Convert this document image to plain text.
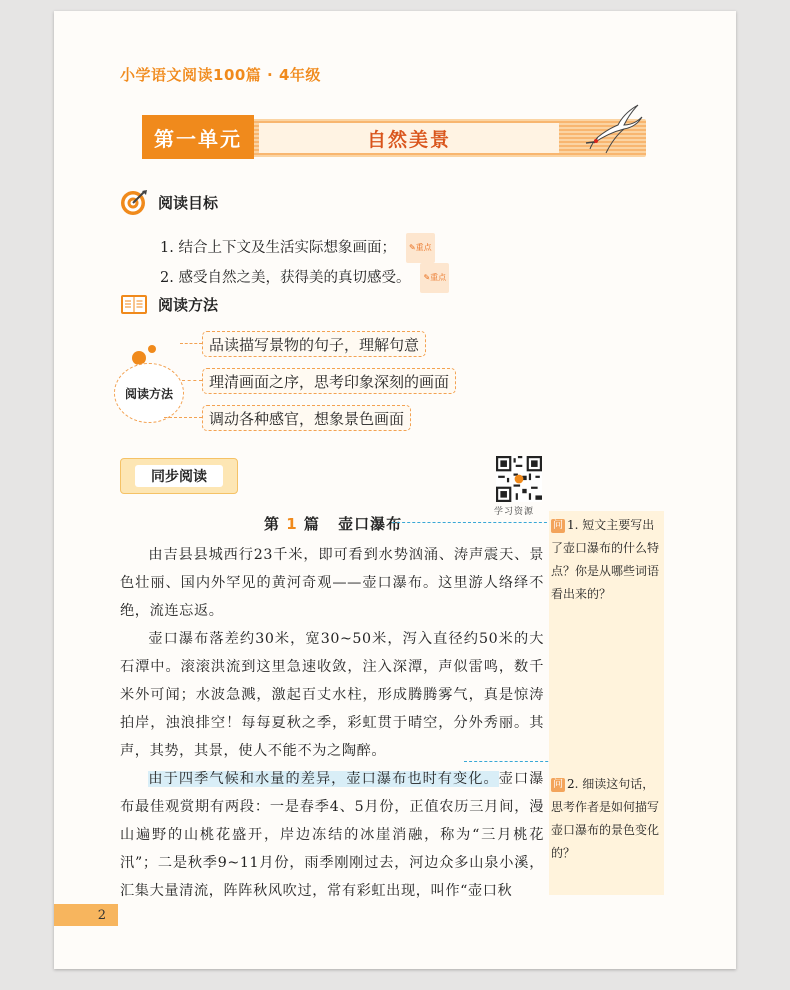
小学语文阅读100篇 · 4年级
第一单元	自然美景
阅读目标
1. 结合上下文及生活实际想象画面；	✎ 重点
2. 感受自然之美，获得美的真切感受。	✎ 重点
阅读方法
阅读方法
品读描写景物的句子，理解句意
理清画面之序，思考印象深刻的画面
调动各种感官，想象景色画面
同步阅读
学习资源
第 1 篇 壶口瀑布	问 1. 短文主要写出了壶口瀑布的什么特点？你是从哪些词语看出来的？
问 2. 细读这句话，思考作者是如何描写壶口瀑布的景色变化的？

由吉县县城西行23千米，即可看到水势汹涌、涛声震天、景色壮丽、国内外罕见的黄河奇观——壶口瀑布。这里游人络绎不绝，流连忘返。

壶口瀑布落差约30米，宽30~50米，泻入直径约50米的大石潭中。滚滚洪流到这里急速收敛，注入深潭，声似雷鸣，数千米外可闻；水波急溅，激起百丈水柱，形成腾腾雾气，真是惊涛拍岸，浊浪排空！每每夏秋之季，彩虹贯于晴空，分外秀丽。其声，其势，其景，使人不能不为之陶醉。

由于四季气候和水量的差异，壶口瀑布也时有变化。壶口瀑布最佳观赏期有两段：一是春季4、5月份，正值农历三月间，漫山遍野的山桃花盛开，岸边冻结的冰崖消融，称为“三月桃花汛”；二是秋季9~11月份，雨季刚刚过去，河边众多山泉小溪，汇集大量清流，阵阵秋风吹过，常有彩虹出现，叫作“壶口秋

2
